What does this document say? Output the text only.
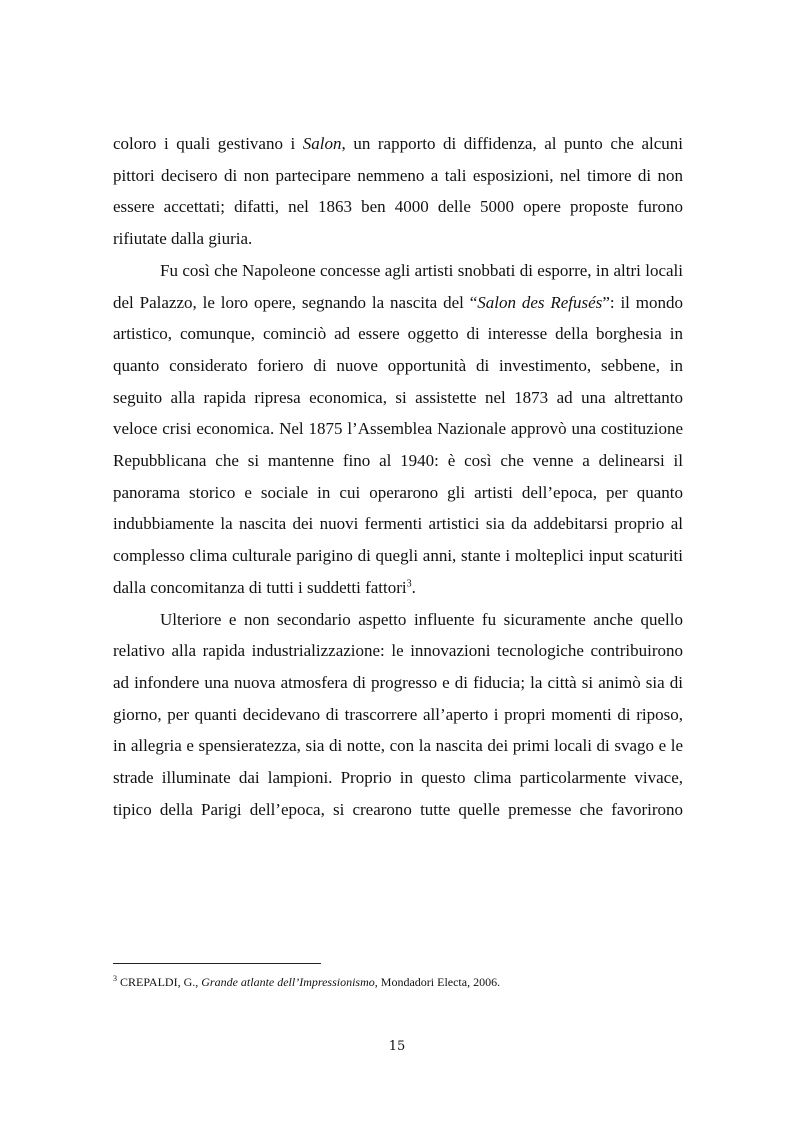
coloro i quali gestivano i Salon, un rapporto di diffidenza, al punto che alcuni pittori decisero di non partecipare nemmeno a tali esposizioni, nel timore di non essere accettati; difatti, nel 1863 ben 4000 delle 5000 opere proposte furono rifiutate dalla giuria.

Fu così che Napoleone concesse agli artisti snobbati di esporre, in altri locali del Palazzo, le loro opere, segnando la nascita del “Salon des Refusés”: il mondo artistico, comunque, cominciò ad essere oggetto di interesse della borghesia in quanto considerato foriero di nuove opportunità di investimento, sebbene, in seguito alla rapida ripresa economica, si assistette nel 1873 ad una altrettanto veloce crisi economica. Nel 1875 l’Assemblea Nazionale approvò una costituzione Repubblicana che si mantenne fino al 1940: è così che venne a delinearsi il panorama storico e sociale in cui operarono gli artisti dell’epoca, per quanto indubbiamente la nascita dei nuovi fermenti artistici sia da addebitarsi proprio al complesso clima culturale parigino di quegli anni, stante i molteplici input scaturiti dalla concomitanza di tutti i suddetti fattori$^3$.

Ulteriore e non secondario aspetto influente fu sicuramente anche quello relativo alla rapida industrializzazione: le innovazioni tecnologiche contribuirono ad infondere una nuova atmosfera di progresso e di fiducia; la città si animò sia di giorno, per quanti decidevano di trascorrere all’aperto i propri momenti di riposo, in allegria e spensieratezza, sia di notte, con la nascita dei primi locali di svago e le strade illuminate dai lampioni. Proprio in questo clima particolarmente vivace, tipico della Parigi dell’epoca, si crearono tutte quelle premesse che favorirono

$^3$ CREPALDI, G., Grande atlante dell’Impressionismo, Mondadori Electa, 2006.
15
